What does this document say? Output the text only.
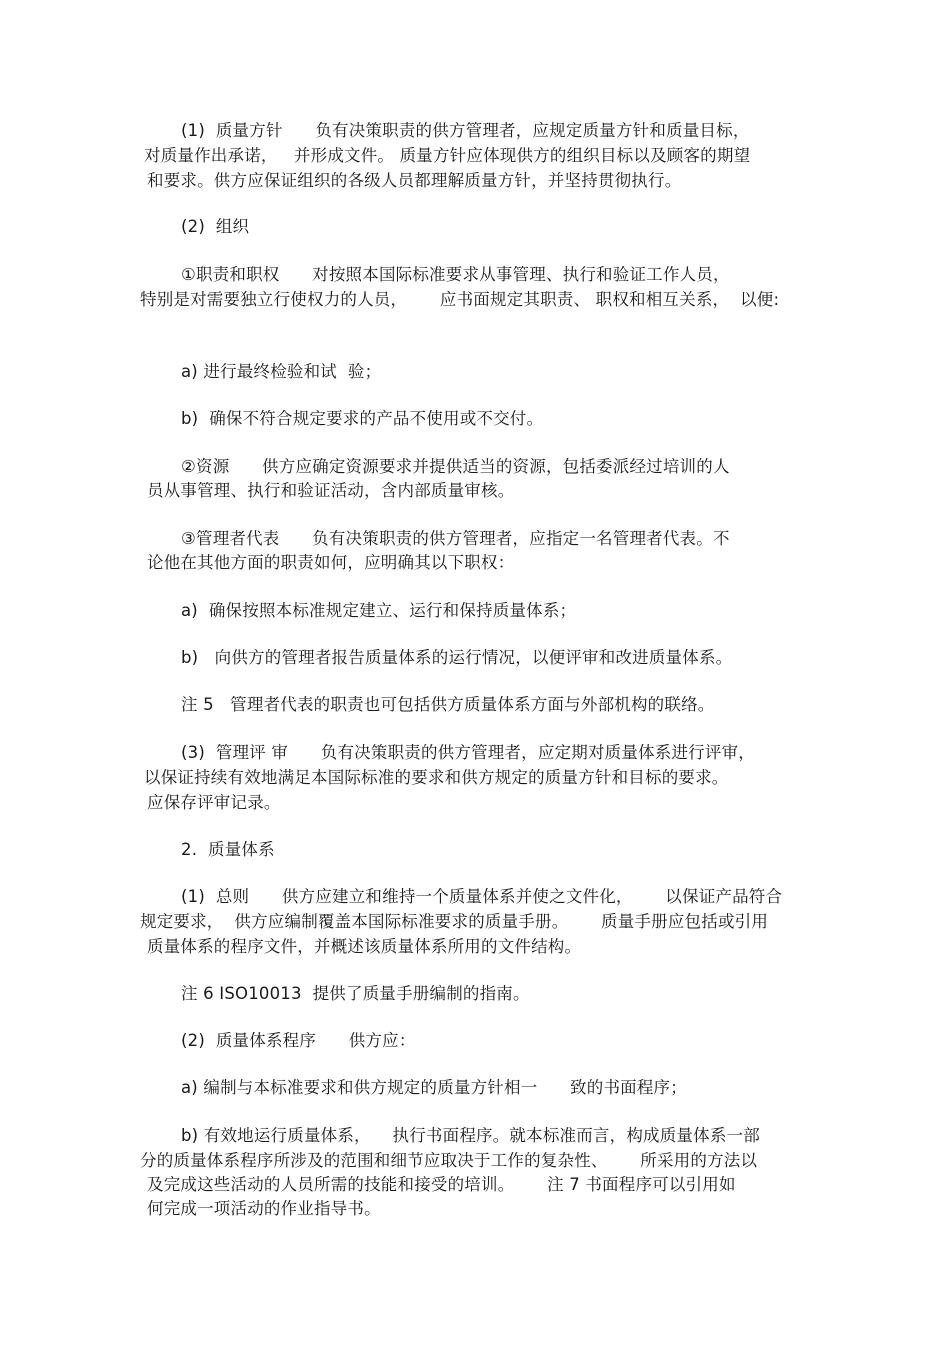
(1)  质量方针      负有决策职责的供方管理者，应规定质量方针和质量目标，
对质量作出承诺，   并形成文件。 质量方针应体现供方的组织目标以及顾客的期望
和要求。供方应保证组织的各级人员都理解质量方针，并坚持贯彻执行。
(2)  组织
①职责和职权      对按照本国际标准要求从事管理、执行和验证工作人员，
特别是对需要独立行使权力的人员，      应书面规定其职责、 职权和相互关系，  以便:
a) 进行最终检验和试  验；
b)  确保不符合规定要求的产品不使用或不交付。
②资源      供方应确定资源要求并提供适当的资源，包括委派经过培训的人
员从事管理、执行和验证活动，含内部质量审核。
③管理者代表      负有决策职责的供方管理者，应指定一名管理者代表。不
论他在其他方面的职责如何，应明确其以下职权：
a)  确保按照本标准规定建立、运行和保持质量体系；
b)   向供方的管理者报告质量体系的运行情况，以便评审和改进质量体系。
注 5   管理者代表的职责也可包括供方质量体系方面与外部机构的联络。
(3)  管理评 审      负有决策职责的供方管理者，应定期对质量体系进行评审，
以保证持续有效地满足本国际标准的要求和供方规定的质量方针和目标的要求。
应保存评审记录。
2.  质量体系
(1)  总则      供方应建立和维持一个质量体系并使之文件化，      以保证产品符合
规定要求，  供方应编制覆盖本国际标准要求的质量手册。      质量手册应包括或引用
质量体系的程序文件，并概述该质量体系所用的文件结构。
注 6 ISO10013  提供了质量手册编制的指南。
(2)  质量体系程序      供方应：
a) 编制与本标准要求和供方规定的质量方针相一      致的书面程序；
b) 有效地运行质量体系，    执行书面程序。就本标准而言，构成质量体系一部
分的质量体系程序所涉及的范围和细节应取决于工作的复杂性、      所采用的方法以
及完成这些活动的人员所需的技能和接受的培训。      注 7 书面程序可以引用如
何完成一项活动的作业指导书。
